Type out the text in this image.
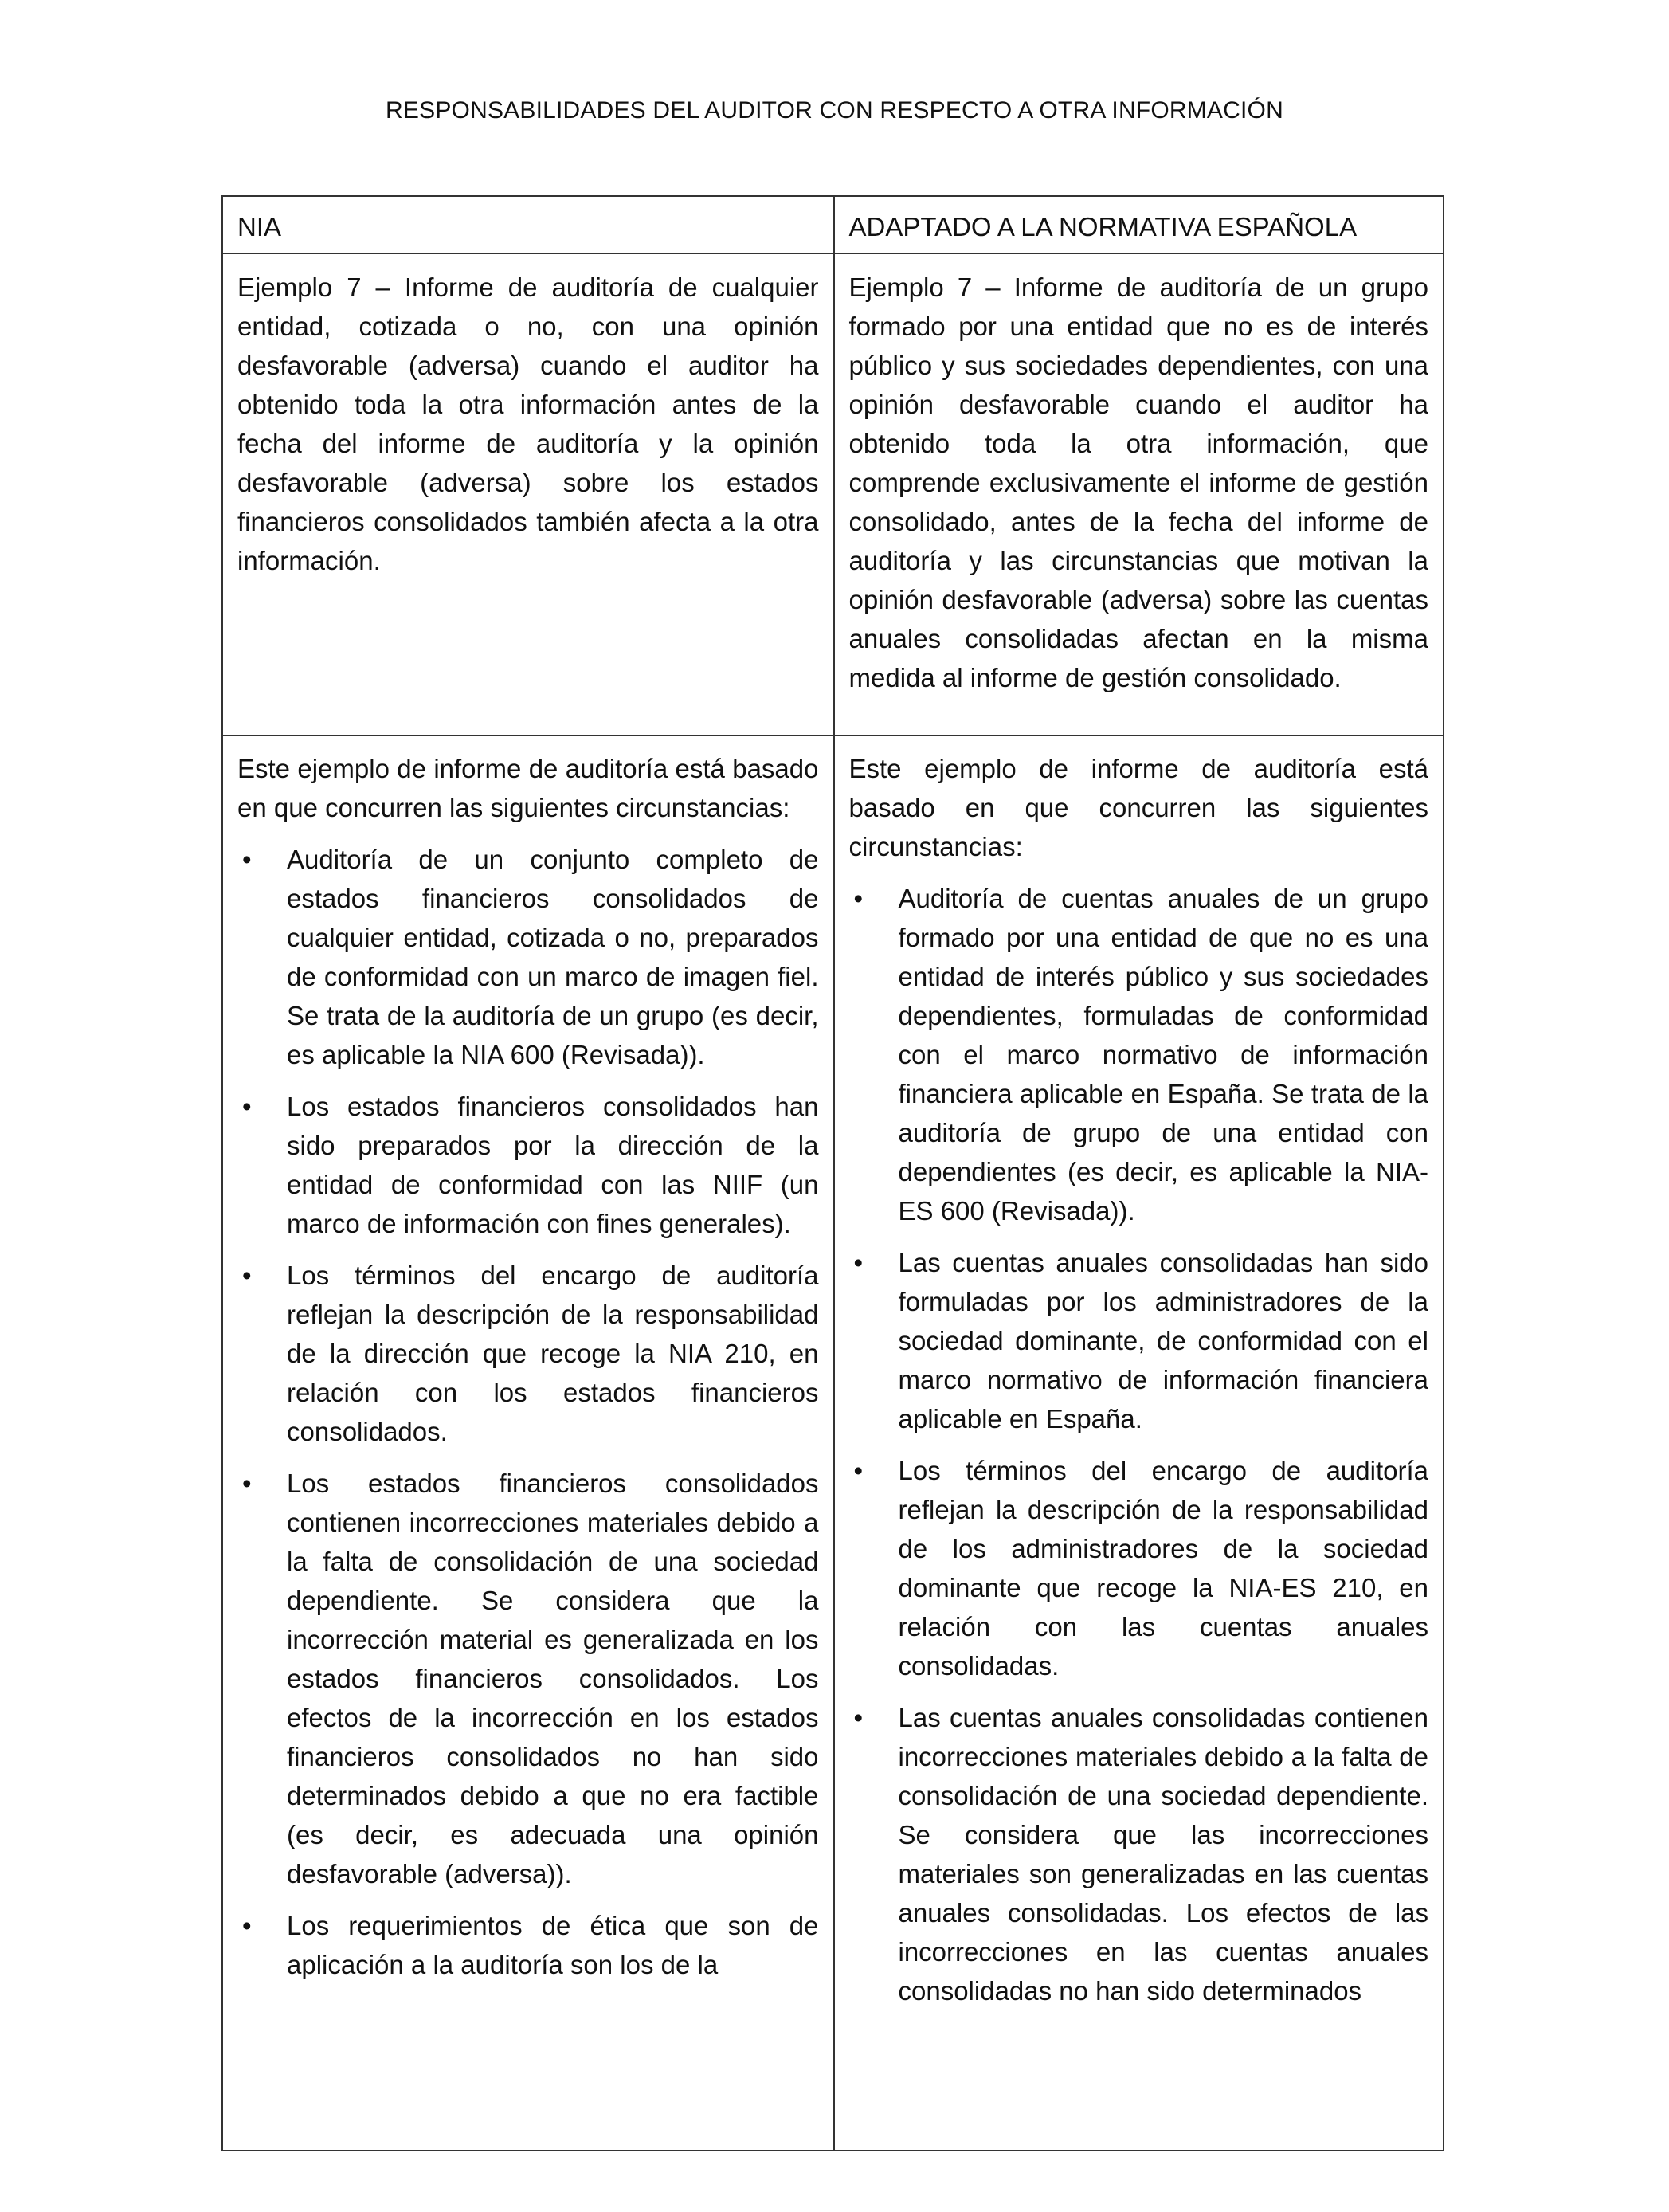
RESPONSABILIDADES DEL AUDITOR CON RESPECTO A OTRA INFORMACIÓN
NIA	ADAPTADO A LA NORMATIVA ESPAÑOLA

Ejemplo 7 – Informe de auditoría de cualquier entidad, cotizada o no, con una opinión desfavorable (adversa) cuando el auditor ha obtenido toda la otra información antes de la fecha del informe de auditoría y la opinión desfavorable (adversa) sobre los estados financieros consolidados también afecta a la otra información.

Ejemplo 7 – Informe de auditoría de un grupo formado por una entidad que no es de interés público y sus sociedades dependientes, con una opinión desfavorable cuando el auditor ha obtenido toda la otra información, que comprende exclusivamente el informe de gestión consolidado, antes de la fecha del informe de auditoría y las circunstancias que motivan la opinión desfavorable (adversa) sobre las cuentas anuales consolidadas afectan en la misma medida al informe de gestión consolidado.

Este ejemplo de informe de auditoría está basado en que concurren las siguientes circunstancias:

• Auditoría de un conjunto completo de estados financieros consolidados de cualquier entidad, cotizada o no, preparados de conformidad con un marco de imagen fiel. Se trata de la auditoría de un grupo (es decir, es aplicable la NIA 600 (Revisada)).
• Los estados financieros consolidados han sido preparados por la dirección de la entidad de conformidad con las NIIF (un marco de información con fines generales).
• Los términos del encargo de auditoría reflejan la descripción de la responsabilidad de la dirección que recoge la NIA 210, en relación con los estados financieros consolidados.
• Los estados financieros consolidados contienen incorrecciones materiales debido a la falta de consolidación de una sociedad dependiente. Se considera que la incorrección material es generalizada en los estados financieros consolidados. Los efectos de la incorrección en los estados financieros consolidados no han sido determinados debido a que no era factible (es decir, es adecuada una opinión desfavorable (adversa)).
• Los requerimientos de ética que son de aplicación a la auditoría son los de la

Este ejemplo de informe de auditoría está basado en que concurren las siguientes circunstancias:

• Auditoría de cuentas anuales de un grupo formado por una entidad de que no es una entidad de interés público y sus sociedades dependientes, formuladas de conformidad con el marco normativo de información financiera aplicable en España. Se trata de la auditoría de grupo de una entidad con dependientes (es decir, es aplicable la NIA-ES 600 (Revisada)).
• Las cuentas anuales consolidadas han sido formuladas por los administradores de la sociedad dominante, de conformidad con el marco normativo de información financiera aplicable en España.
• Los términos del encargo de auditoría reflejan la descripción de la responsabilidad de los administradores de la sociedad dominante que recoge la NIA-ES 210, en relación con las cuentas anuales consolidadas.
• Las cuentas anuales consolidadas contienen incorrecciones materiales debido a la falta de consolidación de una sociedad dependiente. Se considera que las incorrecciones materiales son generalizadas en las cuentas anuales consolidadas. Los efectos de las incorrecciones en las cuentas anuales consolidadas no han sido determinados
